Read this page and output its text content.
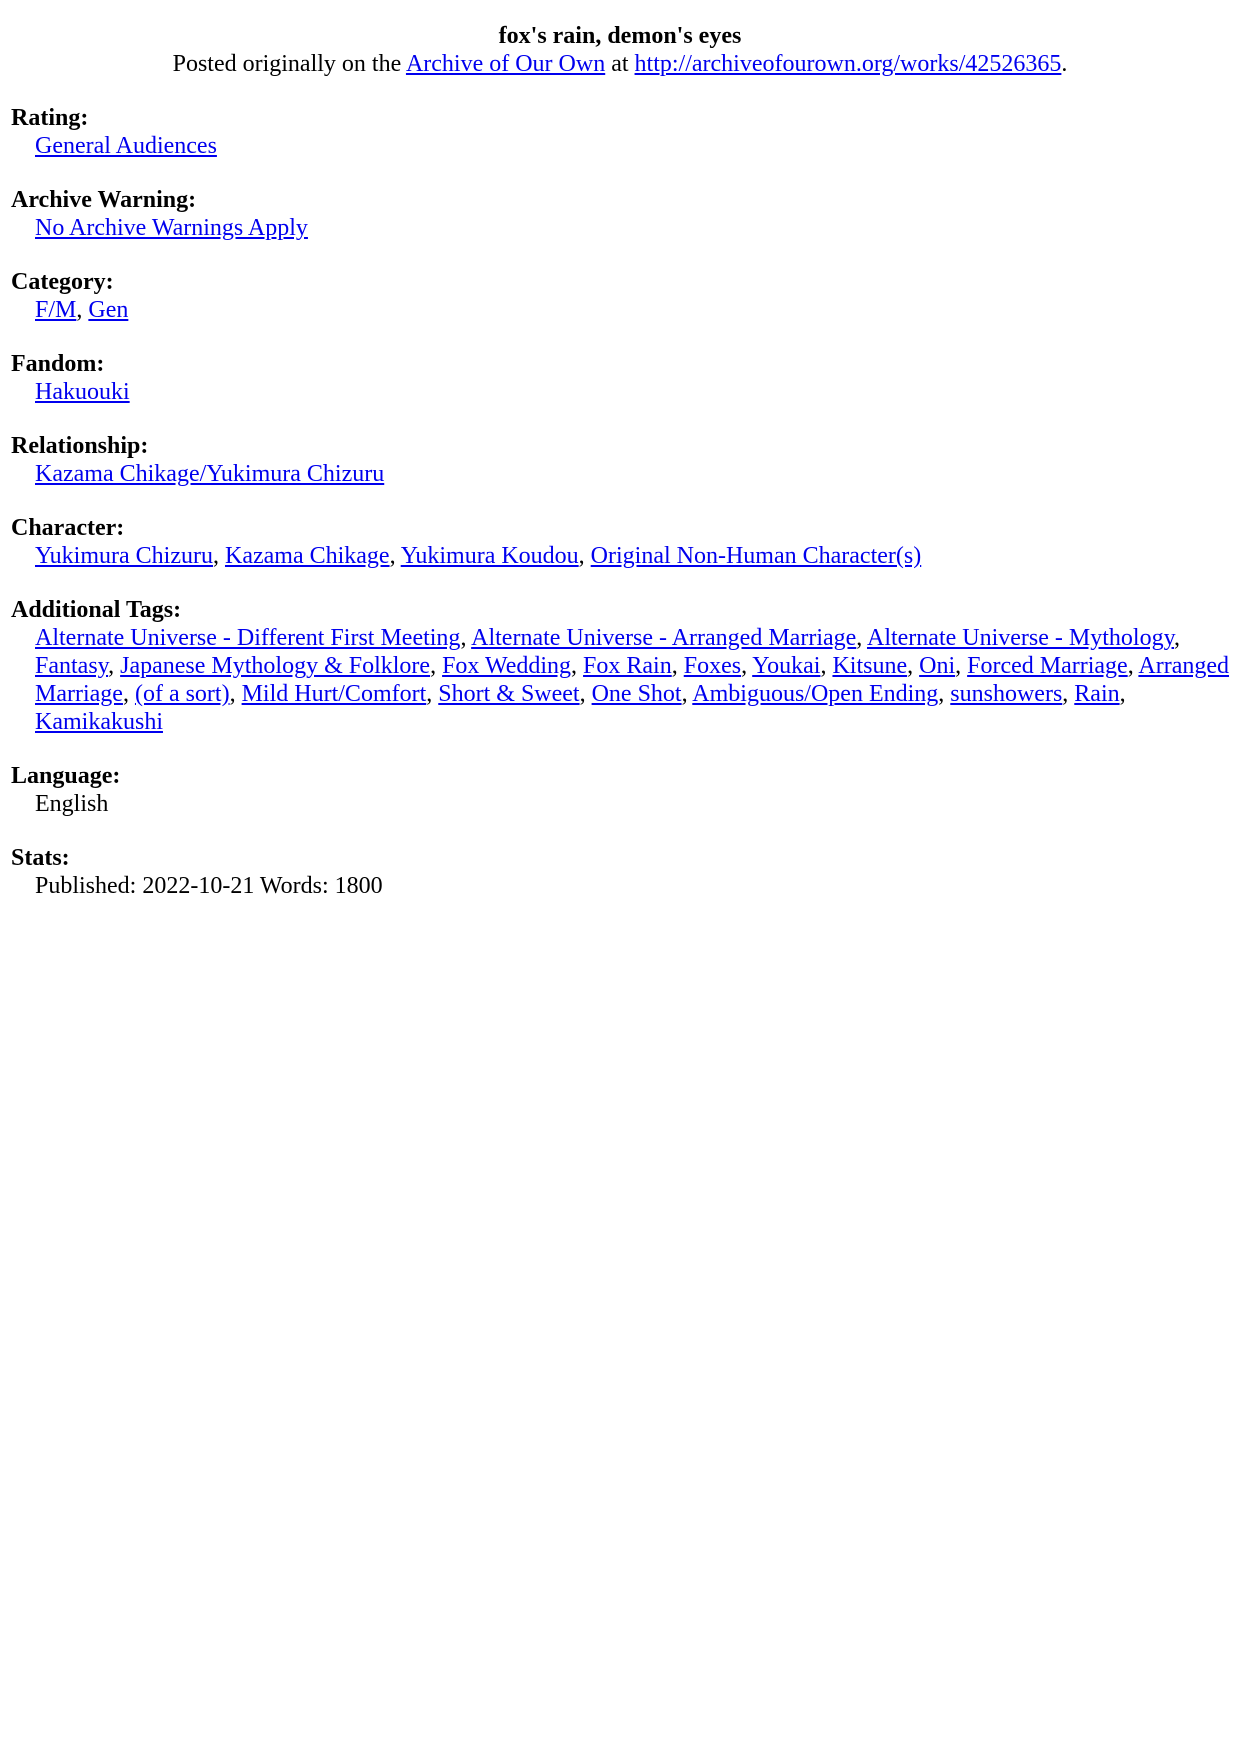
fox's rain, demon's eyes
Posted originally on the Archive of Our Own at http://archiveofourown.org/works/42526365.
Rating:
General Audiences
Archive Warning:
No Archive Warnings Apply
Category:
F/M, Gen
Fandom:
Hakuouki
Relationship:
Kazama Chikage/Yukimura Chizuru
Character:
Yukimura Chizuru, Kazama Chikage, Yukimura Koudou, Original Non-Human Character(s)
Additional Tags:
Alternate Universe - Different First Meeting, Alternate Universe - Arranged Marriage, Alternate Universe - Mythology, Fantasy, Japanese Mythology & Folklore, Fox Wedding, Fox Rain, Foxes, Youkai, Kitsune, Oni, Forced Marriage, Arranged Marriage, (of a sort), Mild Hurt/Comfort, Short & Sweet, One Shot, Ambiguous/Open Ending, sunshowers, Rain, Kamikakushi
Language:
English
Stats:
Published: 2022-10-21 Words: 1800
